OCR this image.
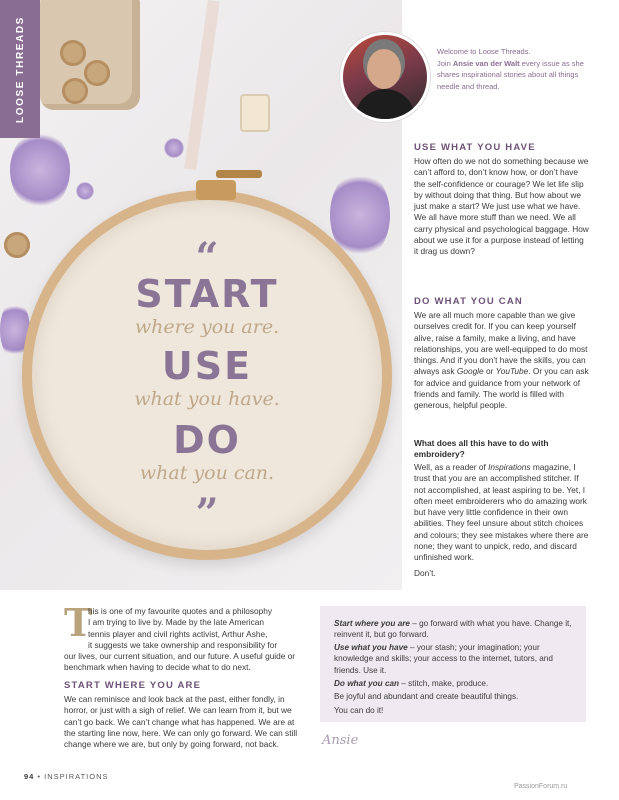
“
START
where you are.
USE
what you have.
DO
what you can.
”
LOOSE THREADS	Welcome to Loose Threads.
Join Ansie van der Walt every issue as she shares inspirational stories about all things needle and thread.
USE WHAT YOU HAVE

How often do we not do something because we can’t afford to, don’t know how, or don’t have the self-confidence or courage? We let life slip by without doing that thing. But how about we just make a start? We just use what we have. We all have more stuff than we need. We all carry physical and psychological baggage. How about we use it for a purpose instead of letting it drag us down?

DO WHAT YOU CAN

We are all much more capable than we give ourselves credit for. If you can keep yourself alive, raise a family, make a living, and have relationships, you are well-equipped to do most things. And if you don’t have the skills, you can always ask Google or YouTube. Or you can ask for advice and guidance from your network of friends and family. The world is filled with generous, helpful people.

What does all this have to do with embroidery?

Well, as a reader of Inspirations magazine, I trust that you are an accomplished stitcher. If not accomplished, at least aspiring to be. Yet, I often meet embroiderers who do amazing work but have very little confidence in their own abilities. They feel unsure about stitch choices and colours; they see mistakes where there are none; they want to unpick, redo, and discard unfinished work.

Don’t.

T
his is one of my favourite quotes and a philosophy
I am trying to live by. Made by the late American
tennis player and civil rights activist, Arthur Ashe,
it suggests we take ownership and responsibility for
our lives, our current situation, and our future. A useful guide or benchmark when having to decide what to do next.
START WHERE YOU ARE
We can reminisce and look back at the past, either fondly, in horror, or just with a sigh of relief. We can learn from it, but we can’t go back. We can’t change what has happened. We are at the starting line now, here. We can only go forward. We can still change where we are, but only by going forward, not back.
Start where you are – go forward with what you have. Change it, reinvent it, but go forward.
Use what you have – your stash; your imagination; your knowledge and skills; your access to the internet, tutors, and friends. Use it.
Do what you can – stitch, make, produce.
Be joyful and abundant and create beautiful things.
You can do it!
Ansie
94 • INSPIRATIONS
PassionForum.ru
